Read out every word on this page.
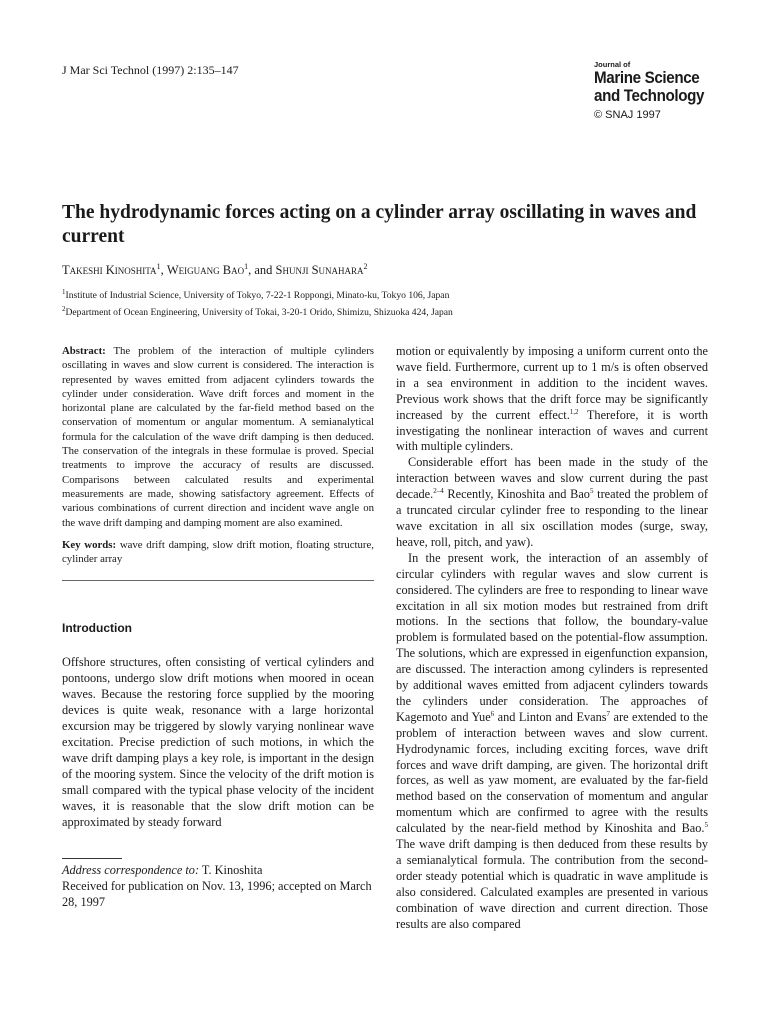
J Mar Sci Technol (1997) 2:135–147	Journal of
Marine Science
and Technology
© SNAJ 1997
The hydrodynamic forces acting on a cylinder array oscillating in waves and current
Takeshi Kinoshita$^1$, Weiguang Bao$^1$, and Shunji Sunahara$^2$
$^1$Institute of Industrial Science, University of Tokyo, 7-22-1 Roppongi, Minato-ku, Tokyo 106, Japan
$^2$Department of Ocean Engineering, University of Tokai, 3-20-1 Orido, Shimizu, Shizuoka 424, Japan

Abstract: The problem of the interaction of multiple cylinders oscillating in waves and slow current is considered. The interaction is represented by waves emitted from adjacent cylinders towards the cylinder under consideration. Wave drift forces and moment in the horizontal plane are calculated by the far-field method based on the conservation of momentum or angular momentum. A semianalytical formula for the calculation of the wave drift damping is then deduced. The conservation of the integrals in these formulae is proved. Special treatments to improve the accuracy of results are discussed. Comparisons between calculated results and experimental measurements are made, showing satisfactory agreement. Effects of various combinations of current direction and incident wave angle on the wave drift damping and damping moment are also examined.

Key words: wave drift damping, slow drift motion, floating structure, cylinder array

Introduction

Offshore structures, often consisting of vertical cylinders and pontoons, undergo slow drift motions when moored in ocean waves. Because the restoring force supplied by the mooring devices is quite weak, resonance with a large horizontal excursion may be triggered by slowly varying nonlinear wave excitation. Precise prediction of such motions, in which the wave drift damping plays a key role, is important in the design of the mooring system. Since the velocity of the drift motion is small compared with the typical phase velocity of the incident waves, it is reasonable that the slow drift motion can be approximated by steady forward

Address correspondence to: T. Kinoshita

Received for publication on Nov. 13, 1996; accepted on March 28, 1997

motion or equivalently by imposing a uniform current onto the wave field. Furthermore, current up to 1 m/s is often observed in a sea environment in addition to the incident waves. Previous work shows that the drift force may be significantly increased by the current effect.$^{1,2}$ Therefore, it is worth investigating the nonlinear interaction of waves and current with multiple cylinders.

Considerable effort has been made in the study of the interaction between waves and slow current during the past decade.$^{2-4}$ Recently, Kinoshita and Bao$^5$ treated the problem of a truncated circular cylinder free to responding to the linear wave excitation in all six oscillation modes (surge, sway, heave, roll, pitch, and yaw).

In the present work, the interaction of an assembly of circular cylinders with regular waves and slow current is considered. The cylinders are free to responding to linear wave excitation in all six motion modes but restrained from drift motions. In the sections that follow, the boundary-value problem is formulated based on the potential-flow assumption. The solutions, which are expressed in eigenfunction expansion, are discussed. The interaction among cylinders is represented by additional waves emitted from adjacent cylinders towards the cylinders under consideration. The approaches of Kagemoto and Yue$^6$ and Linton and Evans$^7$ are extended to the problem of interaction between waves and slow current. Hydrodynamic forces, including exciting forces, wave drift forces and wave drift damping, are given. The horizontal drift forces, as well as yaw moment, are evaluated by the far-field method based on the conservation of momentum and angular momentum which are confirmed to agree with the results calculated by the near-field method by Kinoshita and Bao.$^5$ The wave drift damping is then deduced from these results by a semianalytical formula. The contribution from the second-order steady potential which is quadratic in wave amplitude is also considered. Calculated examples are presented in various combination of wave direction and current direction. Those results are also compared
